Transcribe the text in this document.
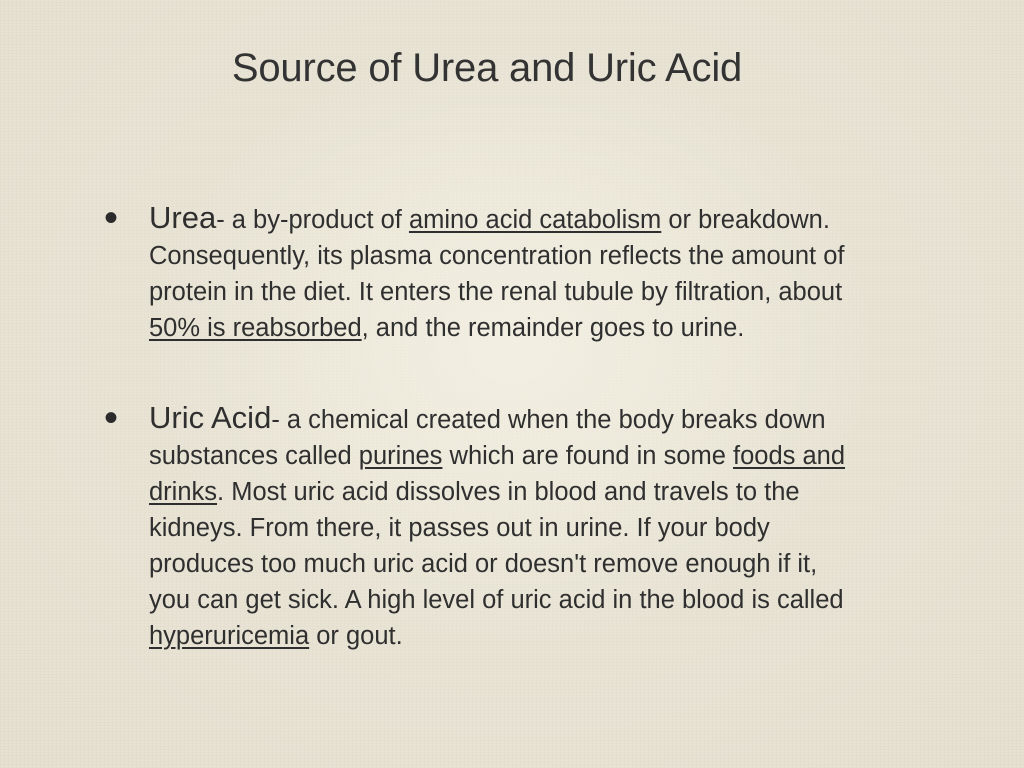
Source of Urea and Uric Acid
• Urea- a by-product of amino acid catabolism or breakdown. Consequently, its plasma concentration reflects the amount of protein in the diet. It enters the renal tubule by filtration, about 50% is reabsorbed, and the remainder goes to urine.
• Uric Acid- a chemical created when the body breaks down substances called purines which are found in some foods and drinks. Most uric acid dissolves in blood and travels to the kidneys. From there, it passes out in urine. If your body produces too much uric acid or doesn't remove enough if it, you can get sick. A high level of uric acid in the blood is called hyperuricemia or gout.
